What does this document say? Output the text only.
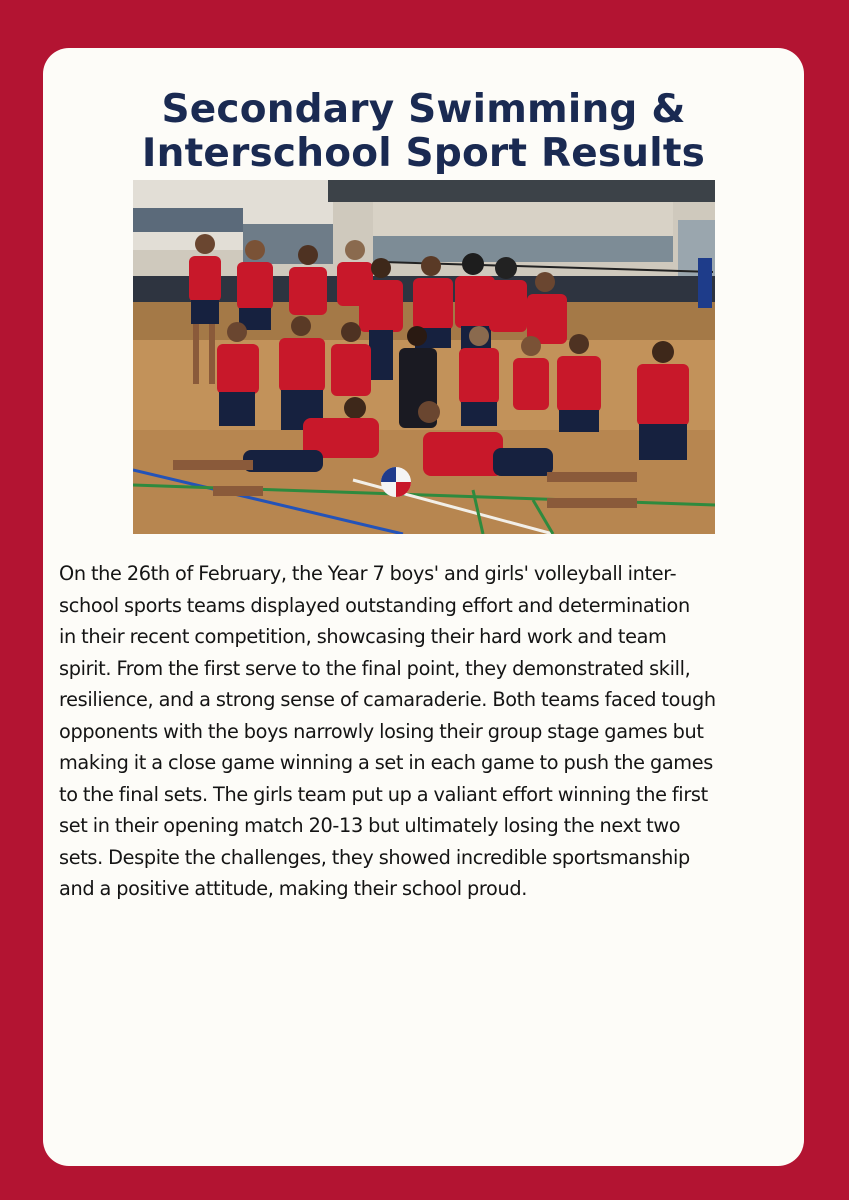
Secondary Swimming &
Interschool Sport Results

On the 26th of February, the Year 7 boys' and girls' volleyball inter-
school sports teams displayed outstanding effort and determination
in their recent competition, showcasing their hard work and team
spirit. From the first serve to the final point, they demonstrated skill,
resilience, and a strong sense of camaraderie. Both teams faced tough
opponents with the boys narrowly losing their group stage games but
making it a close game winning a set in each game to push the games
to the final sets. The girls team put up a valiant effort winning the first
set in their opening match 20-13 but ultimately losing the next two
sets. Despite the challenges, they showed incredible sportsmanship
and a positive attitude, making their school proud.
